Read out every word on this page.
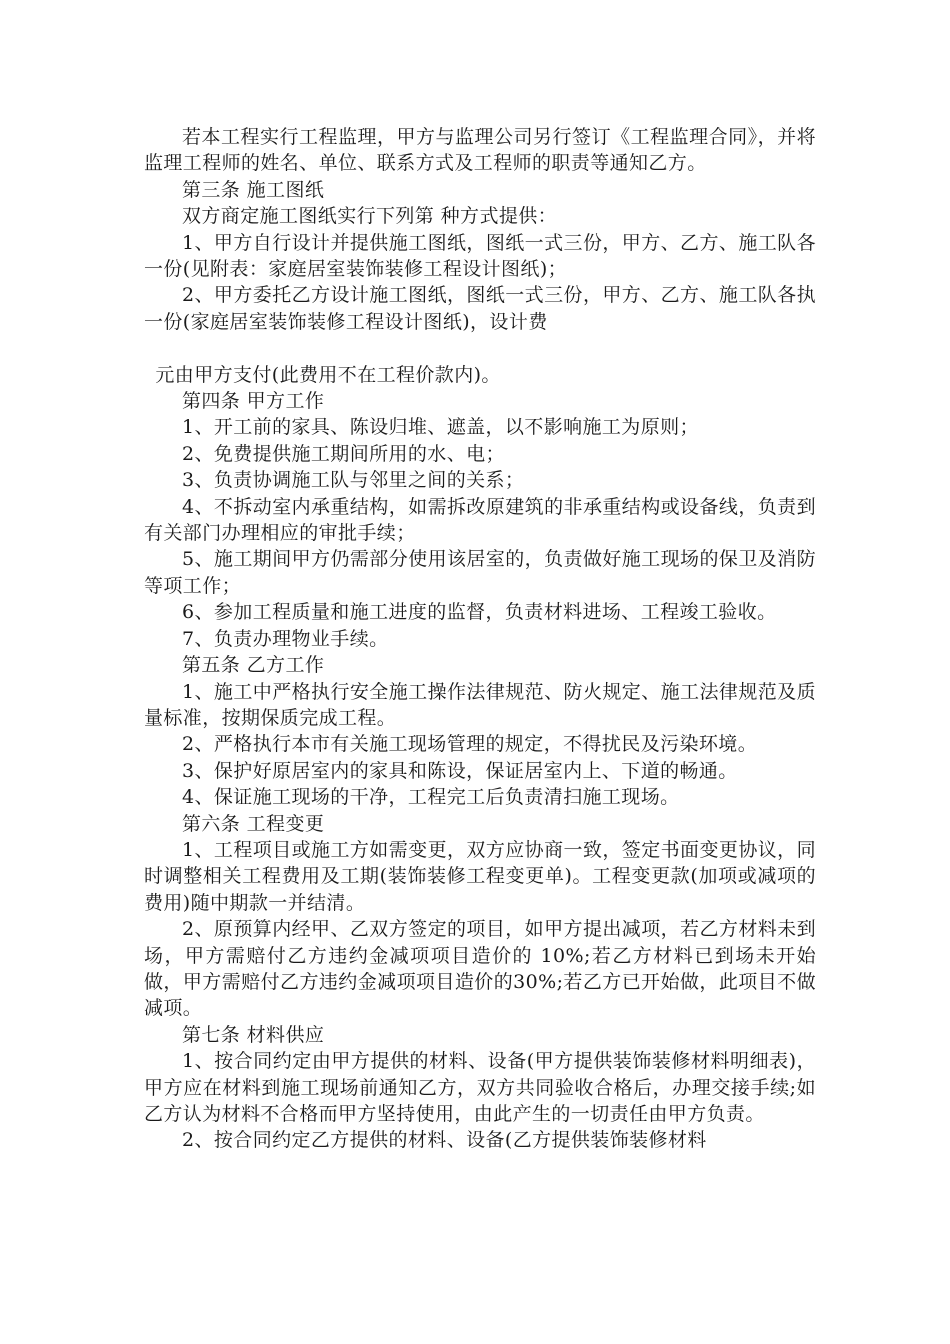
若本工程实行工程监理，甲方与监理公司另行签订《工程监理合同》，并将监理工程师的姓名、单位、联系方式及工程师的职责等通知乙方。

第三条 施工图纸

双方商定施工图纸实行下列第 种方式提供：

1、甲方自行设计并提供施工图纸，图纸一式三份，甲方、乙方、施工队各一份(见附表：家庭居室装饰装修工程设计图纸)；

2、甲方委托乙方设计施工图纸，图纸一式三份，甲方、乙方、施工队各执一份(家庭居室装饰装修工程设计图纸)，设计费

元由甲方支付(此费用不在工程价款内)。

第四条 甲方工作

1、开工前的家具、陈设归堆、遮盖，以不影响施工为原则；

2、免费提供施工期间所用的水、电；

3、负责协调施工队与邻里之间的关系；

4、不拆动室内承重结构，如需拆改原建筑的非承重结构或设备线，负责到有关部门办理相应的审批手续；

5、施工期间甲方仍需部分使用该居室的，负责做好施工现场的保卫及消防等项工作；

6、参加工程质量和施工进度的监督，负责材料进场、工程竣工验收。

7、负责办理物业手续。

第五条 乙方工作

1、施工中严格执行安全施工操作法律规范、防火规定、施工法律规范及质量标准，按期保质完成工程。

2、严格执行本市有关施工现场管理的规定，不得扰民及污染环境。

3、保护好原居室内的家具和陈设，保证居室内上、下道的畅通。

4、保证施工现场的干净，工程完工后负责清扫施工现场。

第六条 工程变更

1、工程项目或施工方如需变更，双方应协商一致，签定书面变更协议，同时调整相关工程费用及工期(装饰装修工程变更单)。工程变更款(加项或减项的费用)随中期款一并结清。

2、原预算内经甲、乙双方签定的项目，如甲方提出减项，若乙方材料未到场，甲方需赔付乙方违约金减项项目造价的 10%;若乙方材料已到场未开始做，甲方需赔付乙方违约金减项项目造价的30%;若乙方已开始做，此项目不做减项。

第七条 材料供应

1、按合同约定由甲方提供的材料、设备(甲方提供装饰装修材料明细表)，甲方应在材料到施工现场前通知乙方，双方共同验收合格后，办理交接手续;如乙方认为材料不合格而甲方坚持使用，由此产生的一切责任由甲方负责。

2、按合同约定乙方提供的材料、设备(乙方提供装饰装修材料
